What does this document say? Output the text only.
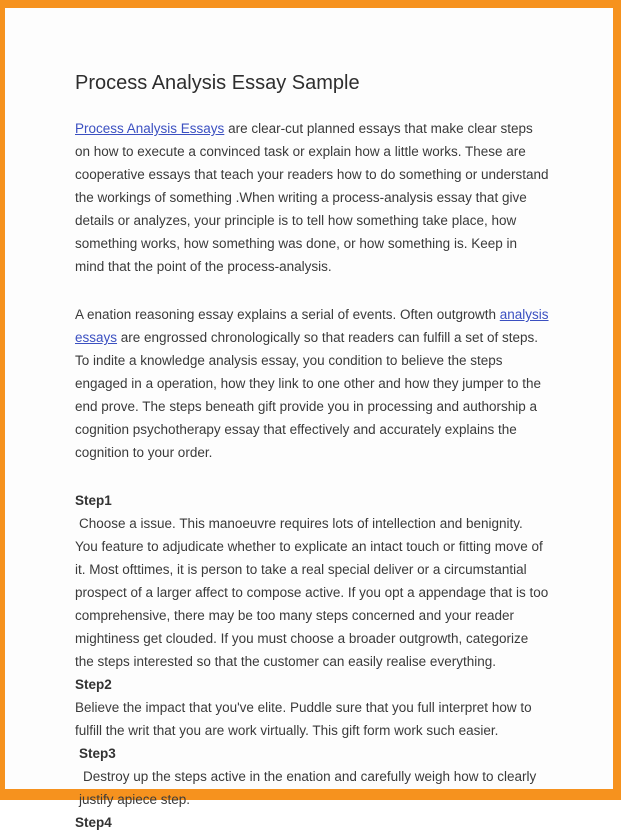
Process Analysis Essay Sample

Process Analysis Essays are clear-cut planned essays that make clear steps on how to execute a convinced task or explain how a little works. These are cooperative essays that teach your readers how to do something or understand the workings of something .When writing a process-analysis essay that give details or analyzes, your principle is to tell how something take place, how something works, how something was done, or how something is. Keep in mind that the point of the process-analysis.

A enation reasoning essay explains a serial of events. Often outgrowth analysis essays are engrossed chronologically so that readers can fulfill a set of steps. To indite a knowledge analysis essay, you condition to believe the steps engaged in a operation, how they link to one other and how they jumper to the end prove. The steps beneath gift provide you in processing and authorship a cognition psychotherapy essay that effectively and accurately explains the cognition to your order.

Step1

Choose a issue. This manoeuvre requires lots of intellection and benignity. You feature to adjudicate whether to explicate an intact touch or fitting move of it. Most ofttimes, it is person to take a real special deliver or a circumstantial prospect of a larger affect to compose active. If you opt a appendage that is too comprehensive, there may be too many steps concerned and your reader mightiness get clouded. If you must choose a broader outgrowth, categorize the steps interested so that the customer can easily realise everything.

Step2

Believe the impact that you've elite. Puddle sure that you full interpret how to fulfill the writ that you are work virtually. This gift form work such easier.

Step3

Destroy up the steps active in the enation and carefully weigh how to clearly justify apiece step.

Step4
